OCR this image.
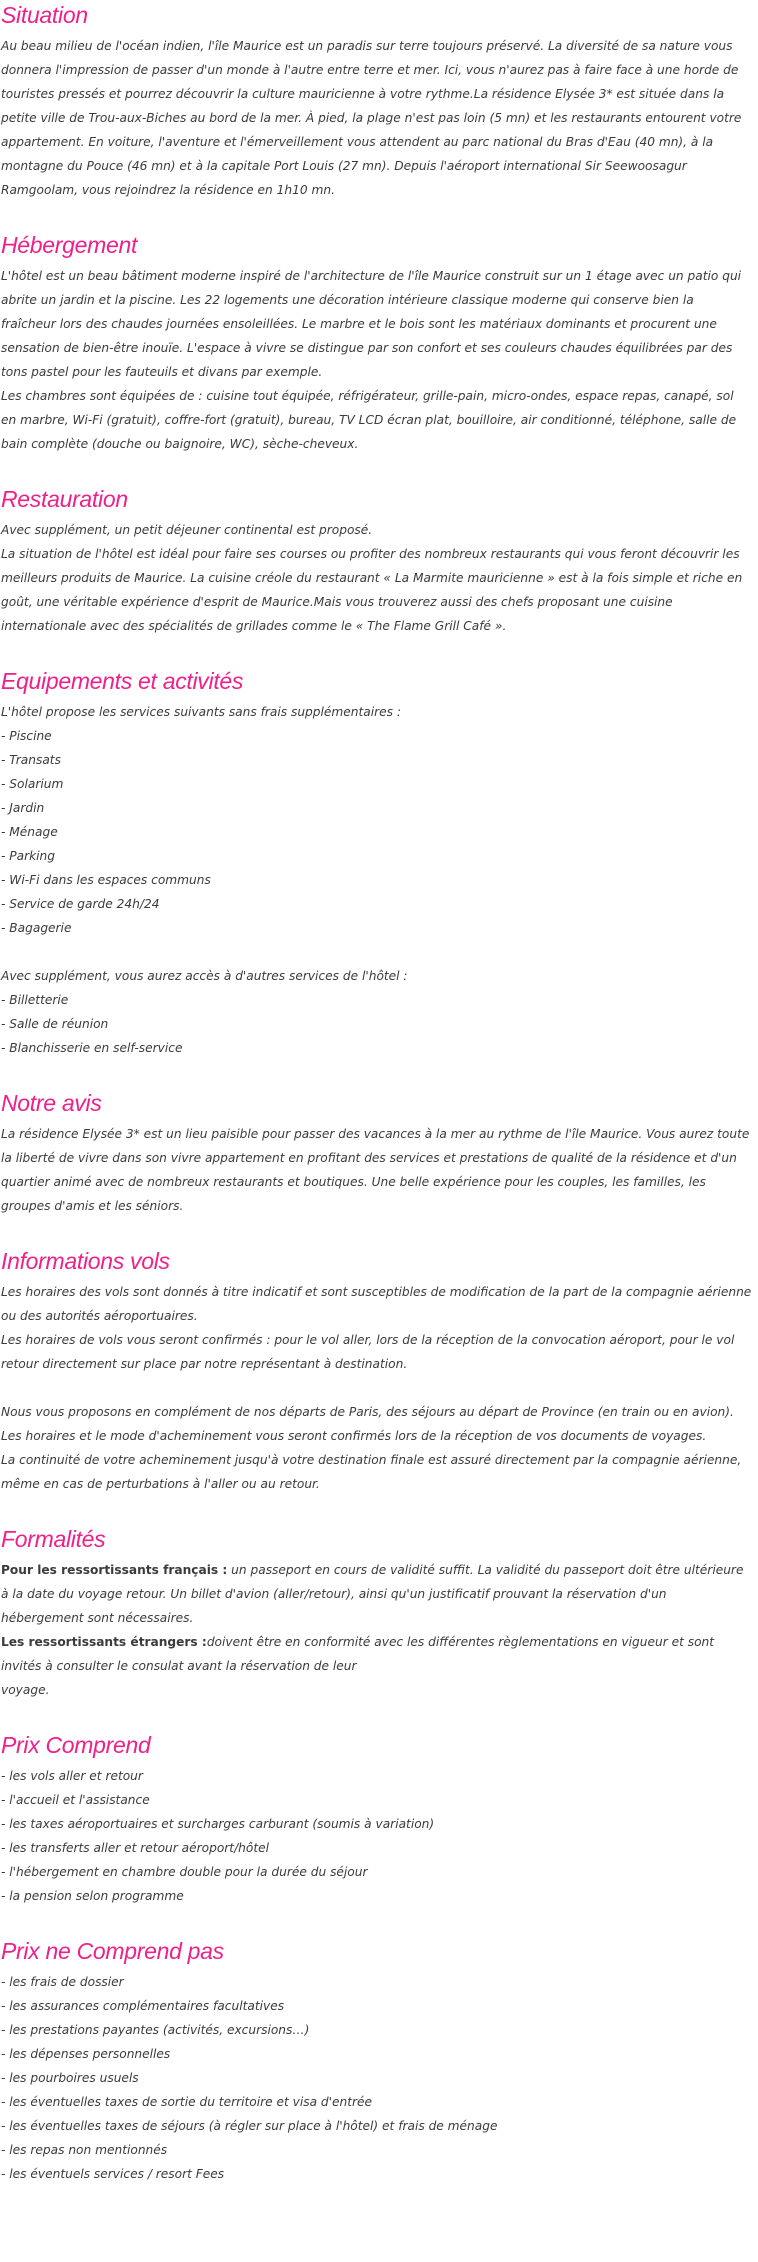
Situation

Au beau milieu de l'océan indien, l'île Maurice est un paradis sur terre toujours préservé. La diversité de sa nature vous donnera l'impression de passer d'un monde à l'autre entre terre et mer. Ici, vous n'aurez pas à faire face à une horde de touristes pressés et pourrez découvrir la culture mauricienne à votre rythme.La résidence Elysée 3* est située dans la petite ville de Trou-aux-Biches au bord de la mer. À pied, la plage n'est pas loin (5 mn) et les restaurants entourent votre appartement. En voiture, l'aventure et l'émerveillement vous attendent au parc national du Bras d'Eau (40 mn), à la montagne du Pouce (46 mn) et à la capitale Port Louis (27 mn). Depuis l'aéroport international Sir Seewoosagur Ramgoolam, vous rejoindrez la résidence en 1h10 mn.

Hébergement

L'hôtel est un beau bâtiment moderne inspiré de l'architecture de l'île Maurice construit sur un 1 étage avec un patio qui abrite un jardin et la piscine. Les 22 logements une décoration intérieure classique moderne qui conserve bien la fraîcheur lors des chaudes journées ensoleillées. Le marbre et le bois sont les matériaux dominants et procurent une sensation de bien-être inouïe. L'espace à vivre se distingue par son confort et ses couleurs chaudes équilibrées par des tons pastel pour les fauteuils et divans par exemple.

Les chambres sont équipées de : cuisine tout équipée, réfrigérateur, grille-pain, micro-ondes, espace repas, canapé, sol en marbre, Wi-Fi (gratuit), coffre-fort (gratuit), bureau, TV LCD écran plat, bouilloire, air conditionné, téléphone, salle de bain complète (douche ou baignoire, WC), sèche-cheveux.

Restauration

Avec supplément, un petit déjeuner continental est proposé.

La situation de l'hôtel est idéal pour faire ses courses ou profiter des nombreux restaurants qui vous feront découvrir les meilleurs produits de Maurice. La cuisine créole du restaurant « La Marmite mauricienne » est à la fois simple et riche en goût, une véritable expérience d'esprit de Maurice.Mais vous trouverez aussi des chefs proposant une cuisine internationale avec des spécialités de grillades comme le « The Flame Grill Café ».

Equipements et activités

L'hôtel propose les services suivants sans frais supplémentaires :

- Piscine
- Transats
- Solarium
- Jardin
- Ménage
- Parking
- Wi-Fi dans les espaces communs
- Service de garde 24h/24
- Bagagerie

Avec supplément, vous aurez accès à d'autres services de l'hôtel :

- Billetterie
- Salle de réunion
- Blanchisserie en self-service
Notre avis

La résidence Elysée 3* est un lieu paisible pour passer des vacances à la mer au rythme de l'île Maurice. Vous aurez toute la liberté de vivre dans son vivre appartement en profitant des services et prestations de qualité de la résidence et d'un quartier animé avec de nombreux restaurants et boutiques. Une belle expérience pour les couples, les familles, les groupes d'amis et les séniors.

Informations vols

Les horaires des vols sont donnés à titre indicatif et sont susceptibles de modification de la part de la compagnie aérienne ou des autorités aéroportuaires.

Les horaires de vols vous seront confirmés : pour le vol aller, lors de la réception de la convocation aéroport, pour le vol retour directement sur place par notre représentant à destination.

Nous vous proposons en complément de nos départs de Paris, des séjours au départ de Province (en train ou en avion).

Les horaires et le mode d'acheminement vous seront confirmés lors de la réception de vos documents de voyages.

La continuité de votre acheminement jusqu'à votre destination finale est assuré directement par la compagnie aérienne, même en cas de perturbations à l'aller ou au retour.

Formalités

Pour les ressortissants français : un passeport en cours de validité suffit. La validité du passeport doit être ultérieure à la date du voyage retour. Un billet d'avion (aller/retour), ainsi qu'un justificatif prouvant la réservation d'un hébergement sont nécessaires.

Les ressortissants étrangers :doivent être en conformité avec les différentes règlementations en vigueur et sont invités à consulter le consulat avant la réservation de leur

voyage.

Prix Comprend
- les vols aller et retour
- l'accueil et l'assistance
- les taxes aéroportuaires et surcharges carburant (soumis à variation)
- les transferts aller et retour aéroport/hôtel
- l'hébergement en chambre double pour la durée du séjour
- la pension selon programme
Prix ne Comprend pas
- les frais de dossier
- les assurances complémentaires facultatives
- les prestations payantes (activités, excursions…)
- les dépenses personnelles
- les pourboires usuels
- les éventuelles taxes de sortie du territoire et visa d'entrée
- les éventuelles taxes de séjours (à régler sur place à l'hôtel) et frais de ménage
- les repas non mentionnés
- les éventuels services / resort Fees
